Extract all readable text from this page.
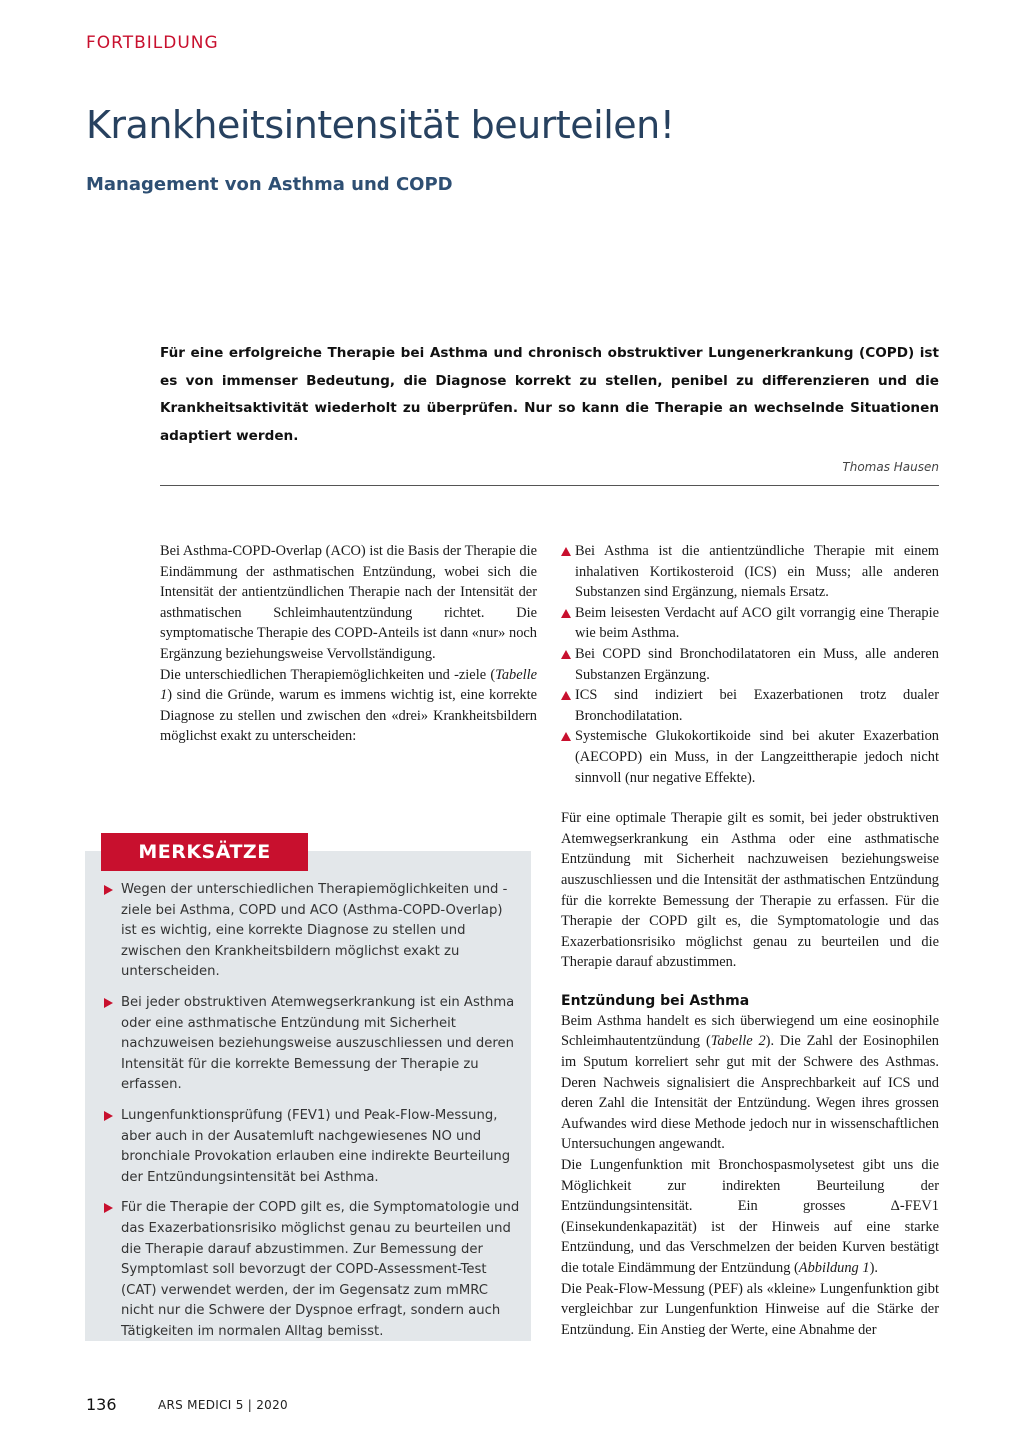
FORTBILDUNG
Krankheitsintensität beurteilen!
Management von Asthma und COPD

Für eine erfolgreiche Therapie bei Asthma und chronisch obstruktiver Lungenerkrankung (COPD) ist es von immenser Bedeutung, die Diagnose korrekt zu stellen, penibel zu differenzieren und die Krankheitsaktivität wiederholt zu überprüfen. Nur so kann die Therapie an wechselnde Situationen adaptiert werden.

Thomas Hausen

Bei Asthma-COPD-Overlap (ACO) ist die Basis der Therapie die Eindämmung der asthmatischen Entzündung, wobei sich die Intensität der antientzündlichen Therapie nach der Intensität der asthmatischen Schleimhautentzündung richtet. Die symptomatische Therapie des COPD-Anteils ist dann «nur» noch Ergänzung beziehungsweise Vervollständigung.

Die unterschiedlichen Therapiemöglichkeiten und -ziele (Tabelle 1) sind die Gründe, warum es immens wichtig ist, eine korrekte Diagnose zu stellen und zwischen den «drei» Krankheitsbildern möglichst exakt zu unterscheiden:

MERKSÄTZE
Wegen der unterschiedlichen Therapiemöglichkeiten und -ziele bei Asthma, COPD und ACO (Asthma-COPD-Overlap) ist es wichtig, eine korrekte Diagnose zu stellen und zwischen den Krankheitsbildern möglichst exakt zu unterscheiden.
Bei jeder obstruktiven Atemwegserkrankung ist ein Asthma oder eine asthmatische Entzündung mit Sicherheit nachzuweisen beziehungsweise auszuschliessen und deren Intensität für die korrekte Bemessung der Therapie zu erfassen.
Lungenfunktionsprüfung (FEV1) und Peak-Flow-Messung, aber auch in der Ausatemluft nachgewiesenes NO und bronchiale Provokation erlauben eine indirekte Beurteilung der Entzündungsintensität bei Asthma.
Für die Therapie der COPD gilt es, die Symptomatologie und das Exazerbationsrisiko möglichst genau zu beurteilen und die Therapie darauf abzustimmen. Zur Bemessung der Symptomlast soll bevorzugt der COPD-Assessment-Test (CAT) verwendet werden, der im Gegensatz zum mMRC nicht nur die Schwere der Dyspnoe erfragt, sondern auch Tätigkeiten im normalen Alltag bemisst.
Bei Asthma ist die antientzündliche Therapie mit einem inhalativen Kortikosteroid (ICS) ein Muss; alle anderen Substanzen sind Ergänzung, niemals Ersatz.
Beim leisesten Verdacht auf ACO gilt vorrangig eine Therapie wie beim Asthma.
Bei COPD sind Bronchodilatatoren ein Muss, alle anderen Substanzen Ergänzung.
ICS sind indiziert bei Exazerbationen trotz dualer Bronchodilatation.
Systemische Glukokortikoide sind bei akuter Exazerbation (AECOPD) ein Muss, in der Langzeittherapie jedoch nicht sinnvoll (nur negative Effekte).

Für eine optimale Therapie gilt es somit, bei jeder obstruktiven Atemwegserkrankung ein Asthma oder eine asthmatische Entzündung mit Sicherheit nachzuweisen beziehungsweise auszuschliessen und die Intensität der asthmatischen Entzündung für die korrekte Bemessung der Therapie zu erfassen. Für die Therapie der COPD gilt es, die Symptomatologie und das Exazerbationsrisiko möglichst genau zu beurteilen und die Therapie darauf abzustimmen.

Entzündung bei Asthma

Beim Asthma handelt es sich überwiegend um eine eosinophile Schleimhautentzündung (Tabelle 2). Die Zahl der Eosinophilen im Sputum korreliert sehr gut mit der Schwere des Asthmas. Deren Nachweis signalisiert die Ansprechbarkeit auf ICS und deren Zahl die Intensität der Entzündung. Wegen ihres grossen Aufwandes wird diese Methode jedoch nur in wissenschaftlichen Untersuchungen angewandt.

Die Lungenfunktion mit Bronchospasmolysetest gibt uns die Möglichkeit zur indirekten Beurteilung der Entzündungsintensität. Ein grosses Δ-FEV1 (Einsekundenkapazität) ist der Hinweis auf eine starke Entzündung, und das Verschmelzen der beiden Kurven bestätigt die totale Eindämmung der Entzündung (Abbildung 1).

Die Peak-Flow-Messung (PEF) als «kleine» Lungenfunktion gibt vergleichbar zur Lungenfunktion Hinweise auf die Stärke der Entzündung. Ein Anstieg der Werte, eine Abnahme der

136	ARS MEDICI 5 | 2020
